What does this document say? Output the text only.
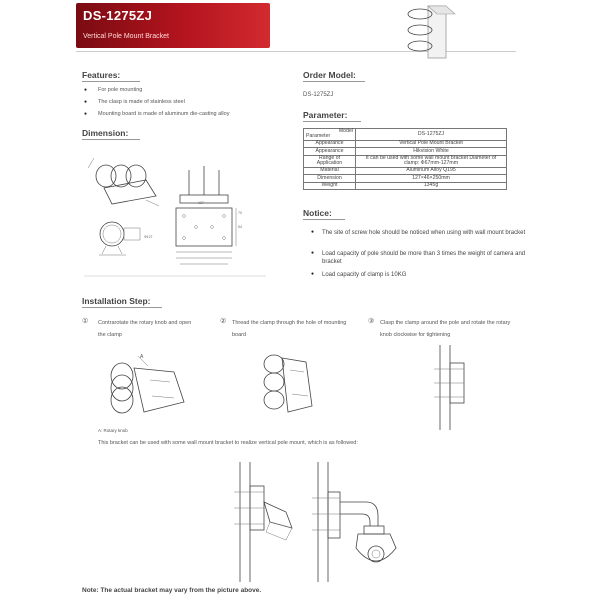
DS-1275ZJ
Vertical Pole Mount Bracket
Features:
● For pole mounting
● The clasp is made of stainless steel
● Mounting board is made of aluminum die-casting alloy
Order Model:
DS-1275ZJ
Parameter:
Model

Parameter	DS-1275ZJ
Appearance	Vertical Pole Mount Bracket
Appearance	Hikvision White
Range of Application	It can be used with some wall mount bracket Diameter of clamp: Ф67mm-127mm
Material	Aluminum Alloy Q195
Dimension	127×46×250mm
Weight	1345g
Dimension:
Ф127
70
54
127
Notice:
● The site of screw hole should be noticed when using with wall mount bracket
● Load capacity of pole should be more than 3 times the weight of camera and bracket
● Load capacity of clamp is 10KG
Installation Step:
① Contrarotate the rotary knob and open the clamp
② Thread the clamp through the hole of mounting board
③ Clasp the clamp around the pole and rotate the rotary knob clockwise for tightening
A
A: Rotary knob
This bracket can be used with some wall mount bracket to realize vertical pole mount, which is as followed:
Note: The actual bracket may vary from the picture above.
